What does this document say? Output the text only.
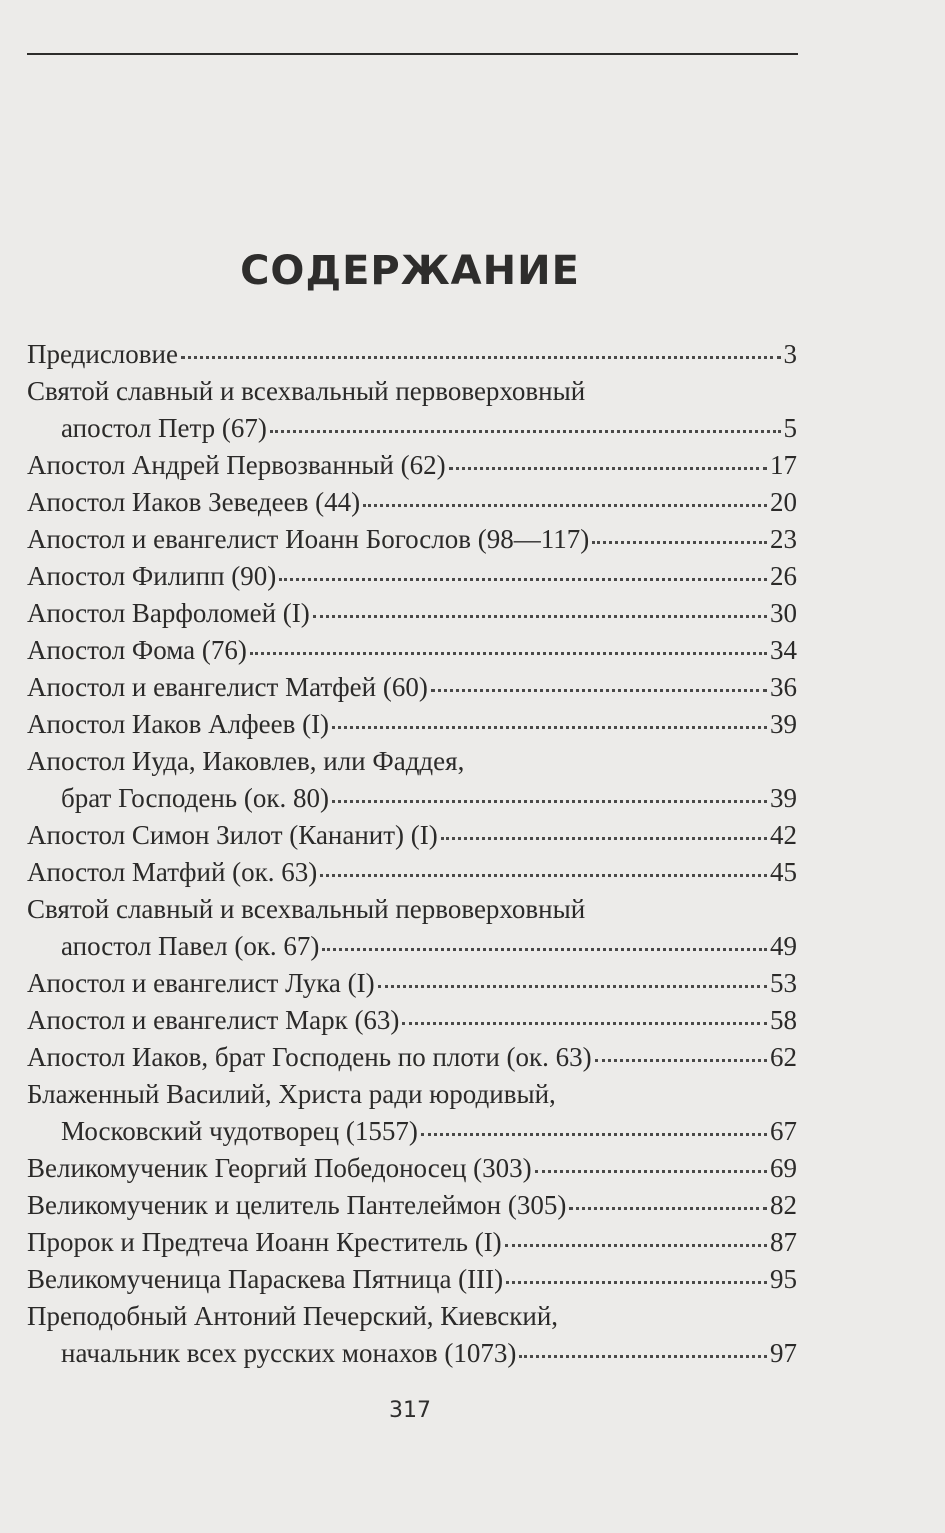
СОДЕРЖАНИЕ
Предисловие	3
Святой славный и всехвальный первоверховный
апостол Петр (67)	5
Апостол Андрей Первозванный (62)	17
Апостол Иаков Зеведеев (44)	20
Апостол и евангелист Иоанн Богослов (98—117)	23
Апостол Филипп (90)	26
Апостол Варфоломей (I)	30
Апостол Фома (76)	34
Апостол и евангелист Матфей (60)	36
Апостол Иаков Алфеев (I)	39
Апостол Иуда, Иаковлев, или Фаддея,
брат Господень (ок. 80)	39
Апостол Симон Зилот (Кананит) (I)	42
Апостол Матфий (ок. 63)	45
Святой славный и всехвальный первоверховный
апостол Павел (ок. 67)	49
Апостол и евангелист Лука (I)	53
Апостол и евангелист Марк (63)	58
Апостол Иаков, брат Господень по плоти (ок. 63)	62
Блаженный Василий, Христа ради юродивый,
Московский чудотворец (1557)	67
Великомученик Георгий Победоносец (303)	69
Великомученик и целитель Пантелеймон (305)	82
Пророк и Предтеча Иоанн Креститель (I)	87
Великомученица Параскева Пятница (III)	95
Преподобный Антоний Печерский, Киевский,
начальник всех русских монахов (1073)	97
317
